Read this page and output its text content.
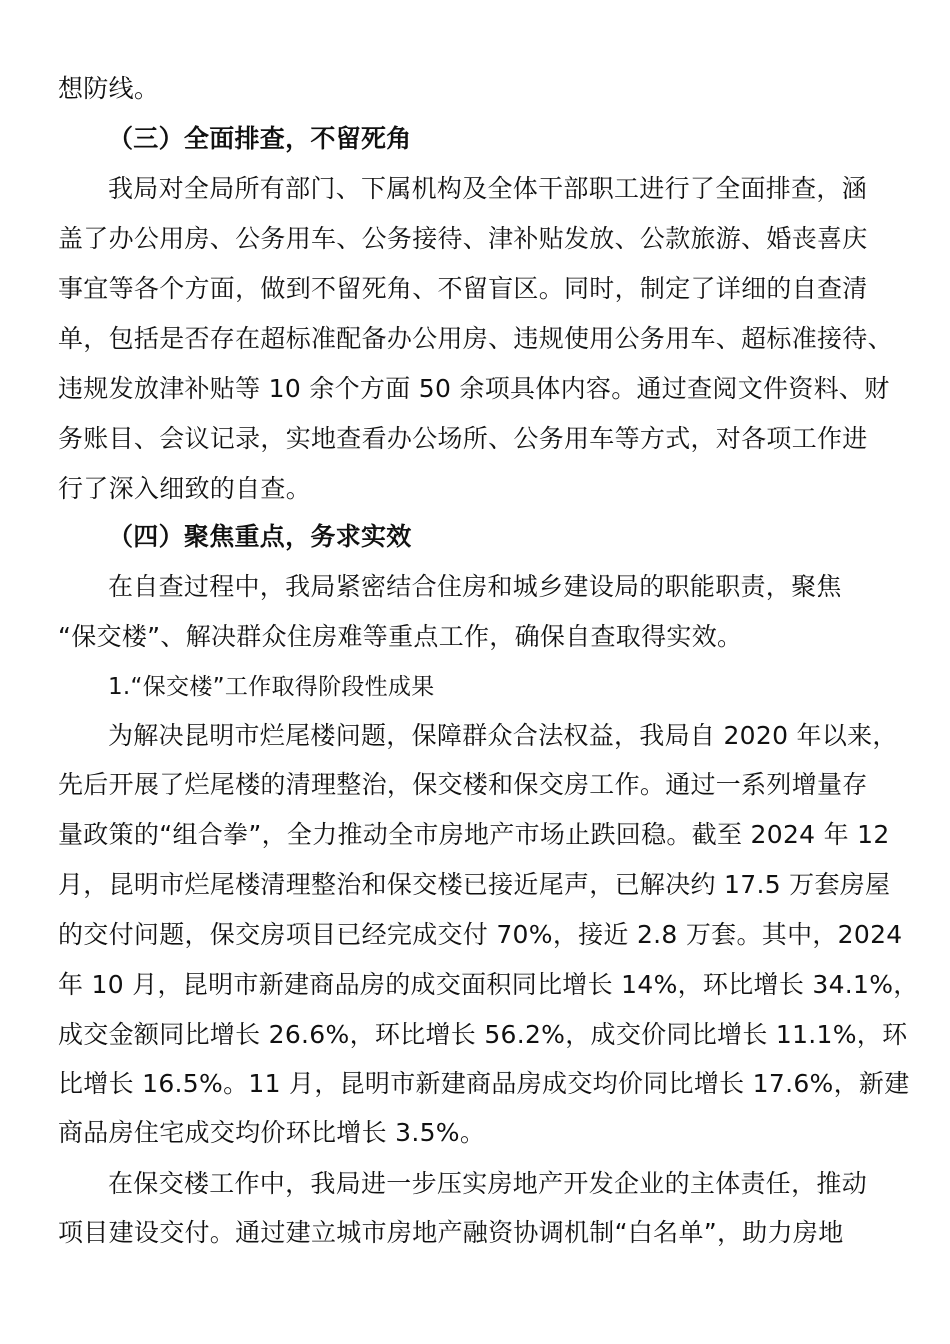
想防线。
（三）全面排查，不留死角
我局对全局所有部门、下属机构及全体干部职工进行了全面排查，涵
盖了办公用房、公务用车、公务接待、津补贴发放、公款旅游、婚丧喜庆
事宜等各个方面，做到不留死角、不留盲区。同时，制定了详细的自查清
单，包括是否存在超标准配备办公用房、违规使用公务用车、超标准接待、
违规发放津补贴等 10 余个方面 50 余项具体内容。通过查阅文件资料、财
务账目、会议记录，实地查看办公场所、公务用车等方式，对各项工作进
行了深入细致的自查。
（四）聚焦重点，务求实效
在自查过程中，我局紧密结合住房和城乡建设局的职能职责，聚焦
“保交楼”、解决群众住房难等重点工作，确保自查取得实效。
1.“保交楼”工作取得阶段性成果
为解决昆明市烂尾楼问题，保障群众合法权益，我局自 2020 年以来，
先后开展了烂尾楼的清理整治，保交楼和保交房工作。通过一系列增量存
量政策的“组合拳”，全力推动全市房地产市场止跌回稳。截至 2024 年 12
月，昆明市烂尾楼清理整治和保交楼已接近尾声，已解决约 17.5 万套房屋
的交付问题，保交房项目已经完成交付 70%，接近 2.8 万套。其中，2024
年 10 月，昆明市新建商品房的成交面积同比增长 14%，环比增长 34.1%，
成交金额同比增长 26.6%，环比增长 56.2%，成交价同比增长 11.1%，环
比增长 16.5%。11 月，昆明市新建商品房成交均价同比增长 17.6%，新建
商品房住宅成交均价环比增长 3.5%。
在保交楼工作中，我局进一步压实房地产开发企业的主体责任，推动
项目建设交付。通过建立城市房地产融资协调机制“白名单”，助力房地
